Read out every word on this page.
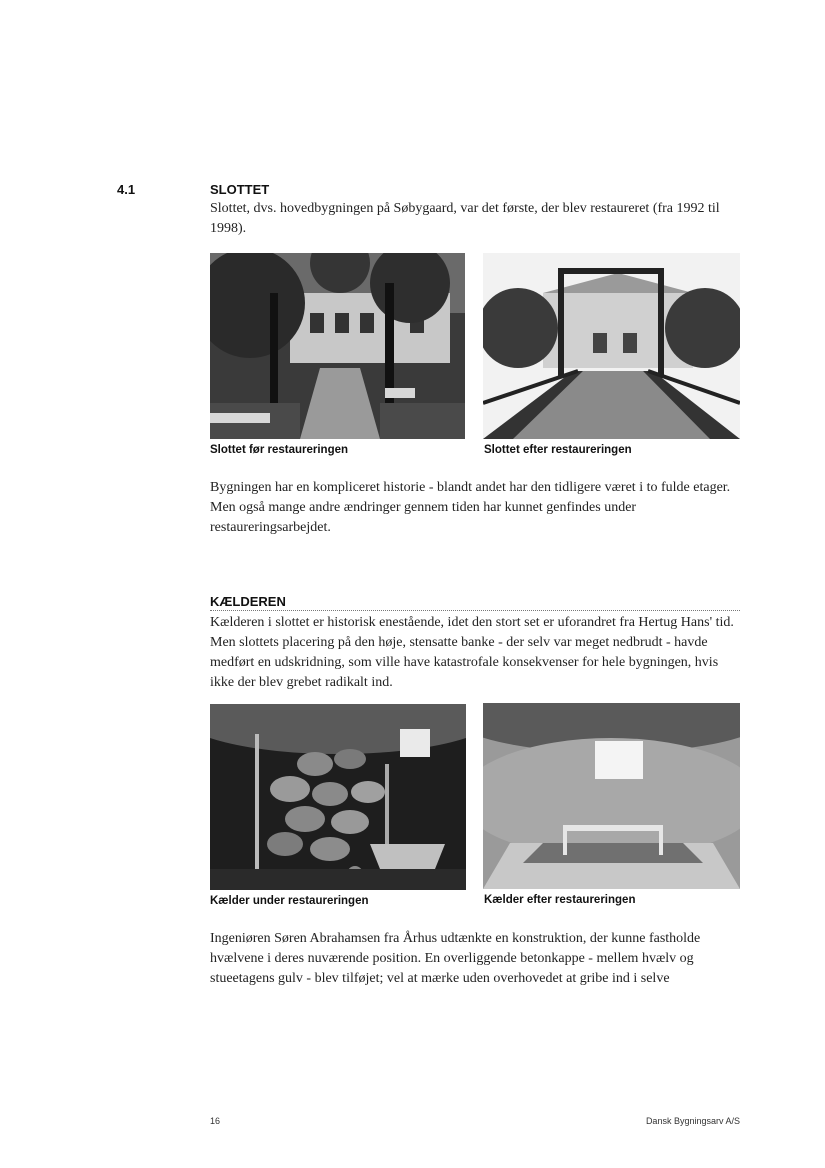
4.1	SLOTTET
Slottet, dvs. hovedbygningen på Søbygaard, var det første, der blev restaureret (fra 1992 til 1998).
Slottet før restaureringen	Slottet efter restaureringen
Bygningen har en kompliceret historie - blandt andet har den tidligere været i to fulde etager. Men også mange andre ændringer gennem tiden har kunnet genfindes under restaureringsarbejdet.
KÆLDEREN
Kælderen i slottet er historisk enestående, idet den stort set er uforandret fra Hertug Hans' tid. Men slottets placering på den høje, stensatte banke - der selv var meget nedbrudt - havde medført en udskridning, som ville have katastrofale konsekvenser for hele bygningen, hvis ikke der blev grebet radikalt ind.
Kælder under restaureringen	Kælder efter restaureringen
Ingeniøren Søren Abrahamsen fra Århus udtænkte en konstruktion, der kunne fastholde hvælvene i deres nuværende position. En overliggende betonkappe - mellem hvælv og stueetagens gulv - blev tilføjet; vel at mærke uden overhovedet at gribe ind i selve
16	Dansk Bygningsarv A/S
